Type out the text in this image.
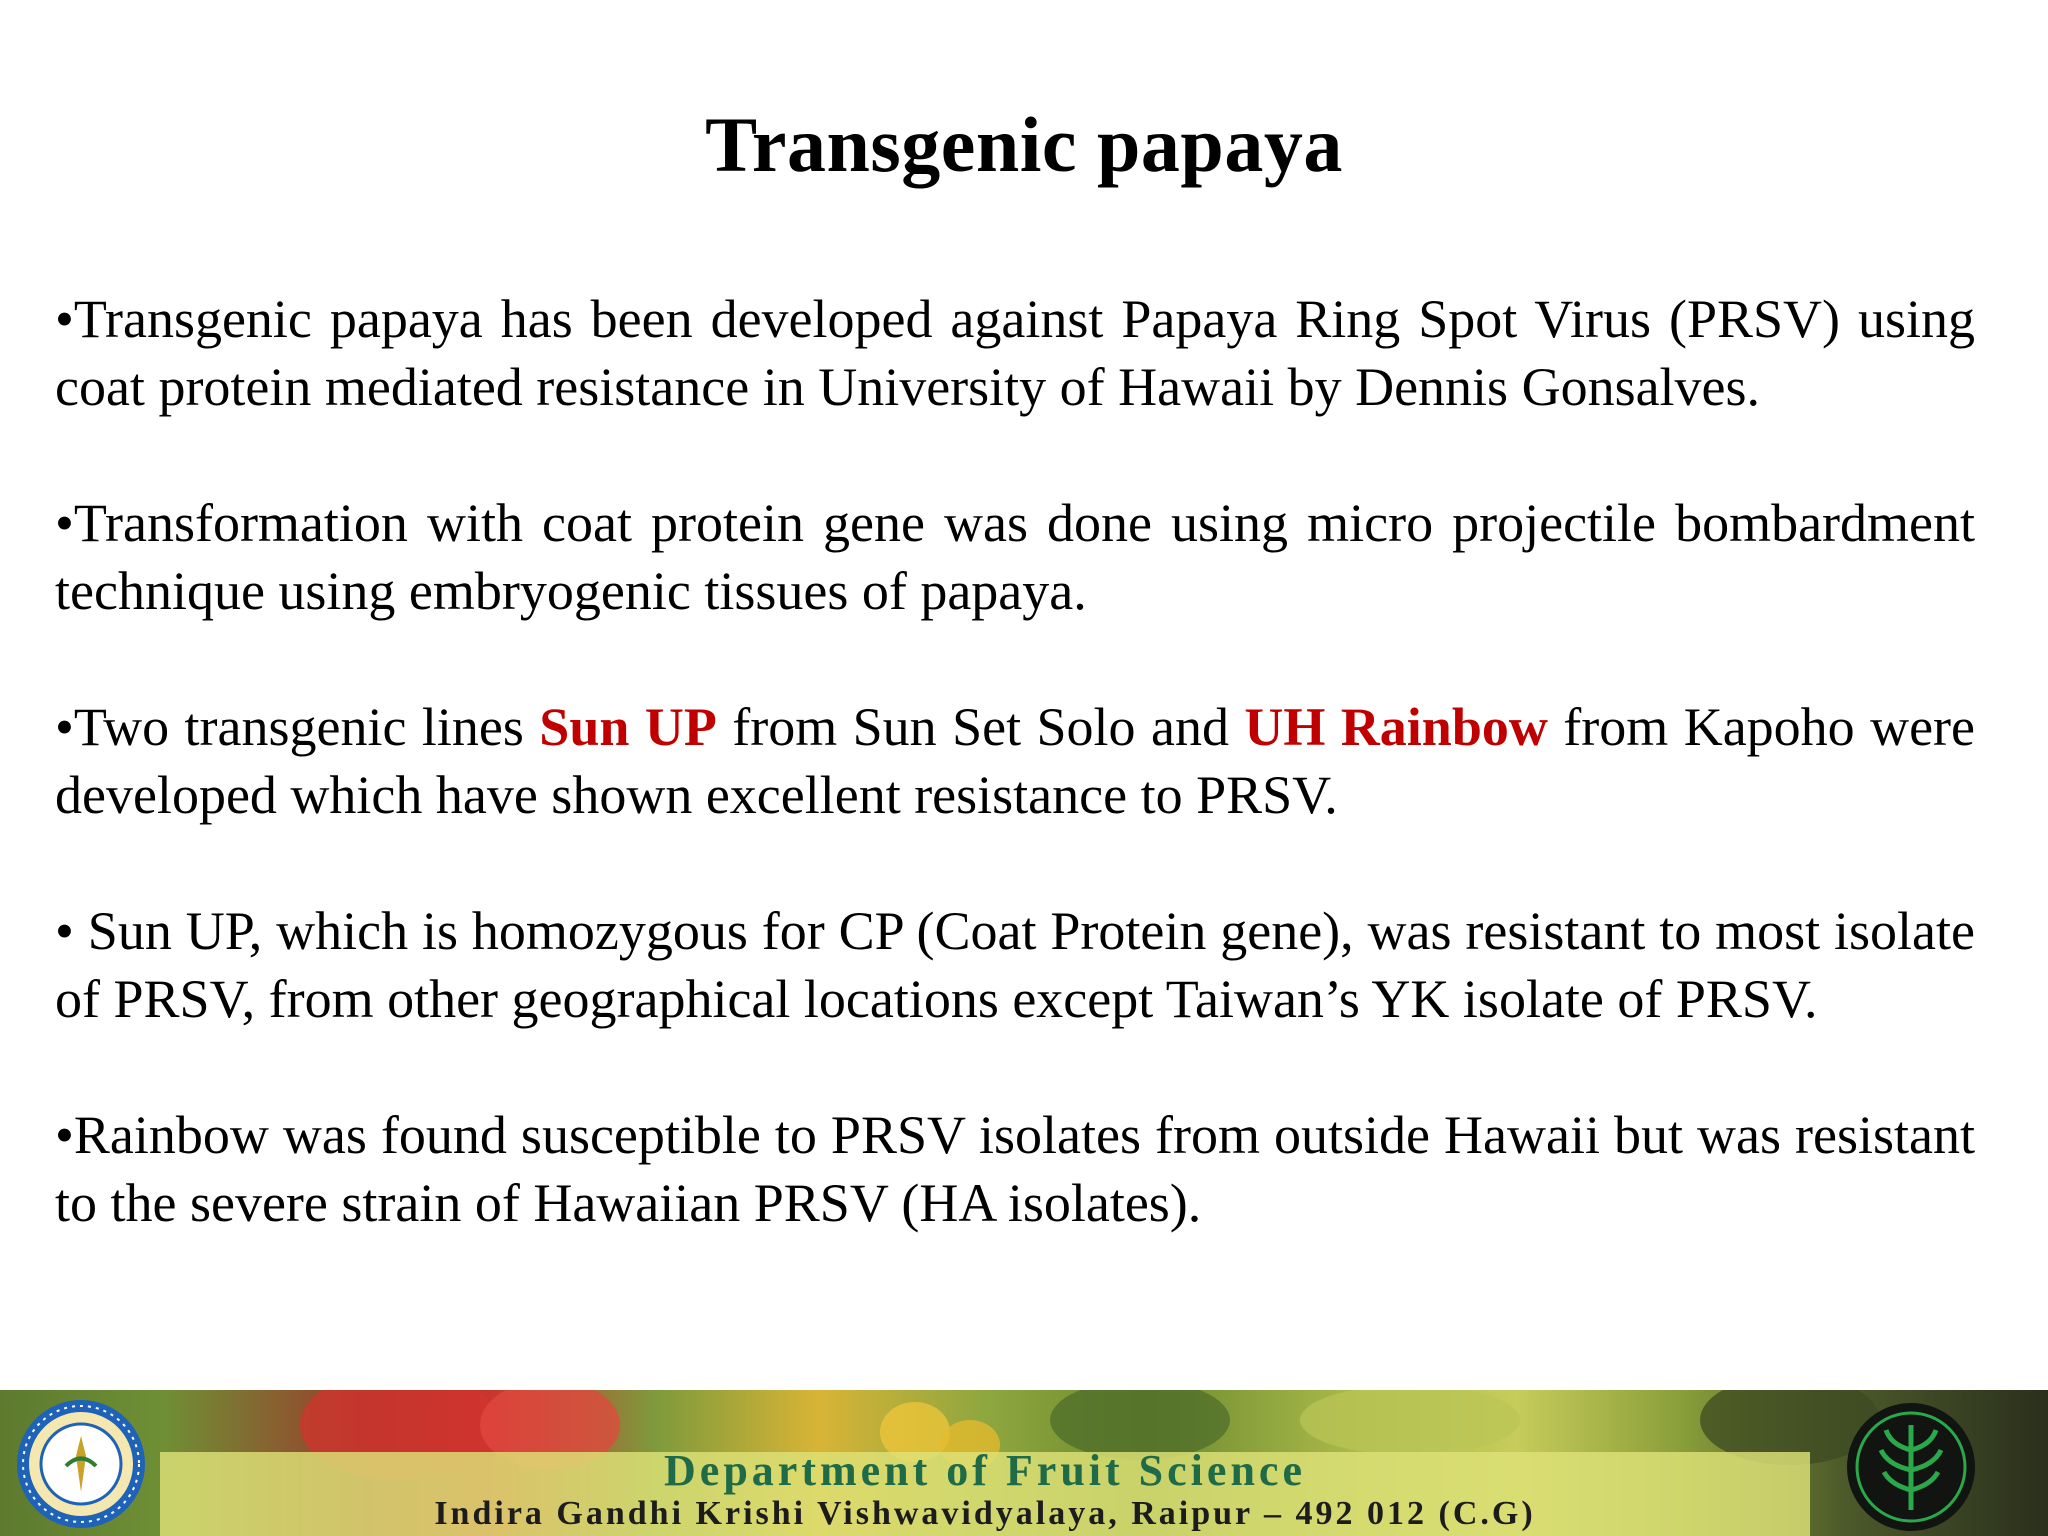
Transgenic papaya

•Transgenic papaya has been developed against Papaya Ring Spot Virus (PRSV) using coat protein mediated resistance in University of Hawaii by Dennis Gonsalves.

•Transformation with coat protein gene was done using micro projectile bombardment technique using embryogenic tissues of papaya.

•Two transgenic lines Sun UP from Sun Set Solo and UH Rainbow from Kapoho were developed which have shown excellent resistance to PRSV.

• Sun UP, which is homozygous for CP (Coat Protein gene), was resistant to most isolate of PRSV, from other geographical locations except Taiwan’s YK isolate of PRSV.

•Rainbow was found susceptible to PRSV isolates from outside Hawaii but was resistant to the severe strain of Hawaiian PRSV (HA isolates).

Department of Fruit Science
Indira Gandhi Krishi Vishwavidyalaya, Raipur – 492 012 (C.G)
